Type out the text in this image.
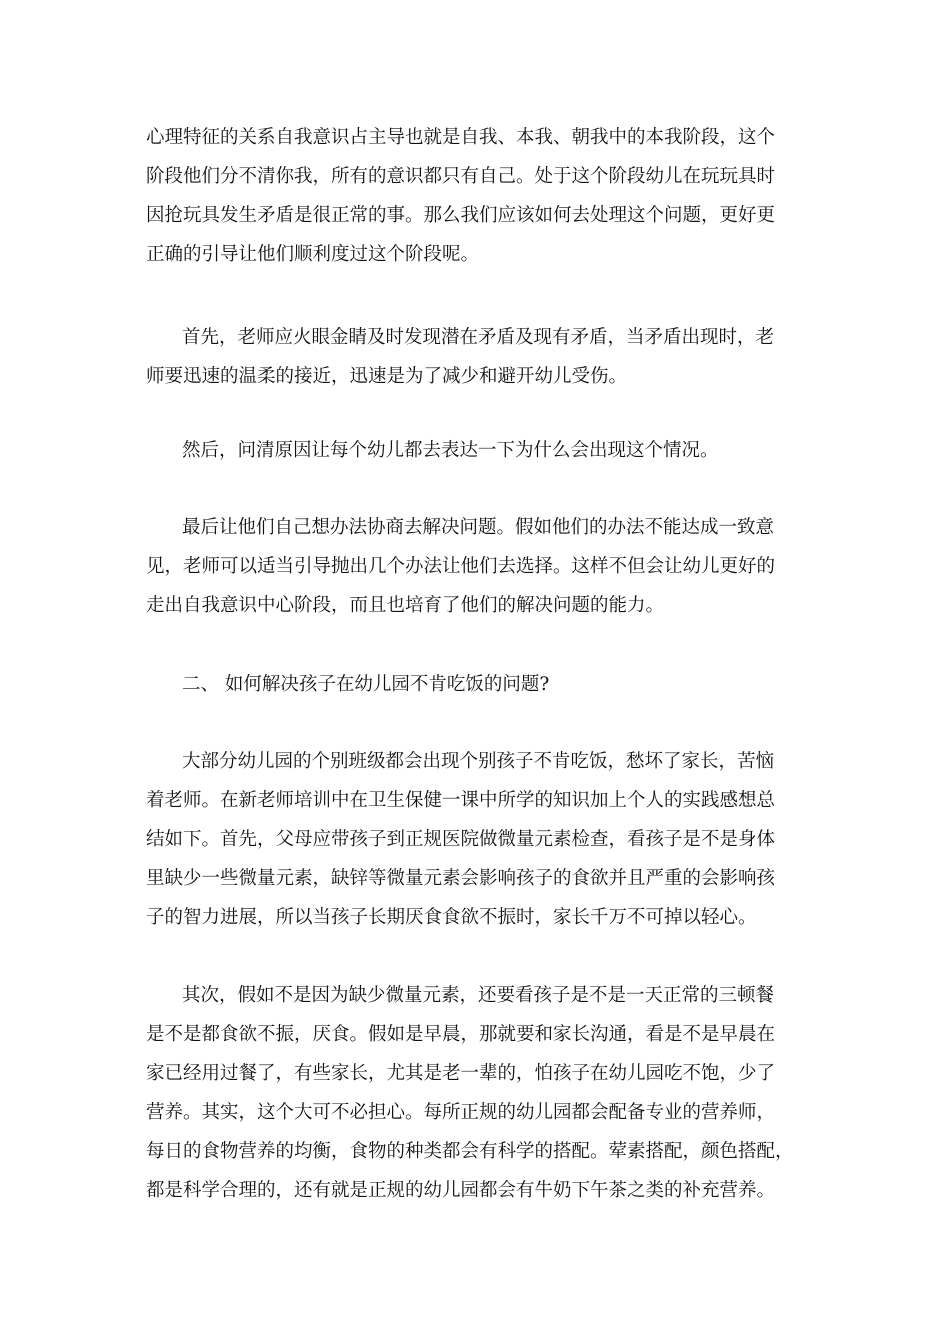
心理特征的关系自我意识占主导也就是自我、本我、朝我中的本我阶段，这个
阶段他们分不清你我，所有的意识都只有自己。处于这个阶段幼儿在玩玩具时
因抢玩具发生矛盾是很正常的事。那么我们应该如何去处理这个问题，更好更
正确的引导让他们顺利度过这个阶段呢。
首先，老师应火眼金睛及时发现潜在矛盾及现有矛盾，当矛盾出现时，老
师要迅速的温柔的接近，迅速是为了减少和避开幼儿受伤。
然后，问清原因让每个幼儿都去表达一下为什么会出现这个情况。
最后让他们自己想办法协商去解决问题。假如他们的办法不能达成一致意
见，老师可以适当引导抛出几个办法让他们去选择。这样不但会让幼儿更好的
走出自我意识中心阶段，而且也培育了他们的解决问题的能力。
二、 如何解决孩子在幼儿园不肯吃饭的问题?
大部分幼儿园的个别班级都会出现个别孩子不肯吃饭，愁坏了家长，苦恼
着老师。在新老师培训中在卫生保健一课中所学的知识加上个人的实践感想总
结如下。首先，父母应带孩子到正规医院做微量元素检查，看孩子是不是身体
里缺少一些微量元素，缺锌等微量元素会影响孩子的食欲并且严重的会影响孩
子的智力进展，所以当孩子长期厌食食欲不振时，家长千万不可掉以轻心。
其次，假如不是因为缺少微量元素，还要看孩子是不是一天正常的三顿餐
是不是都食欲不振，厌食。假如是早晨，那就要和家长沟通，看是不是早晨在
家已经用过餐了，有些家长，尤其是老一辈的，怕孩子在幼儿园吃不饱，少了
营养。其实，这个大可不必担心。每所正规的幼儿园都会配备专业的营养师，
每日的食物营养的均衡，食物的种类都会有科学的搭配。荤素搭配，颜色搭配，
都是科学合理的，还有就是正规的幼儿园都会有牛奶下午茶之类的补充营养。
